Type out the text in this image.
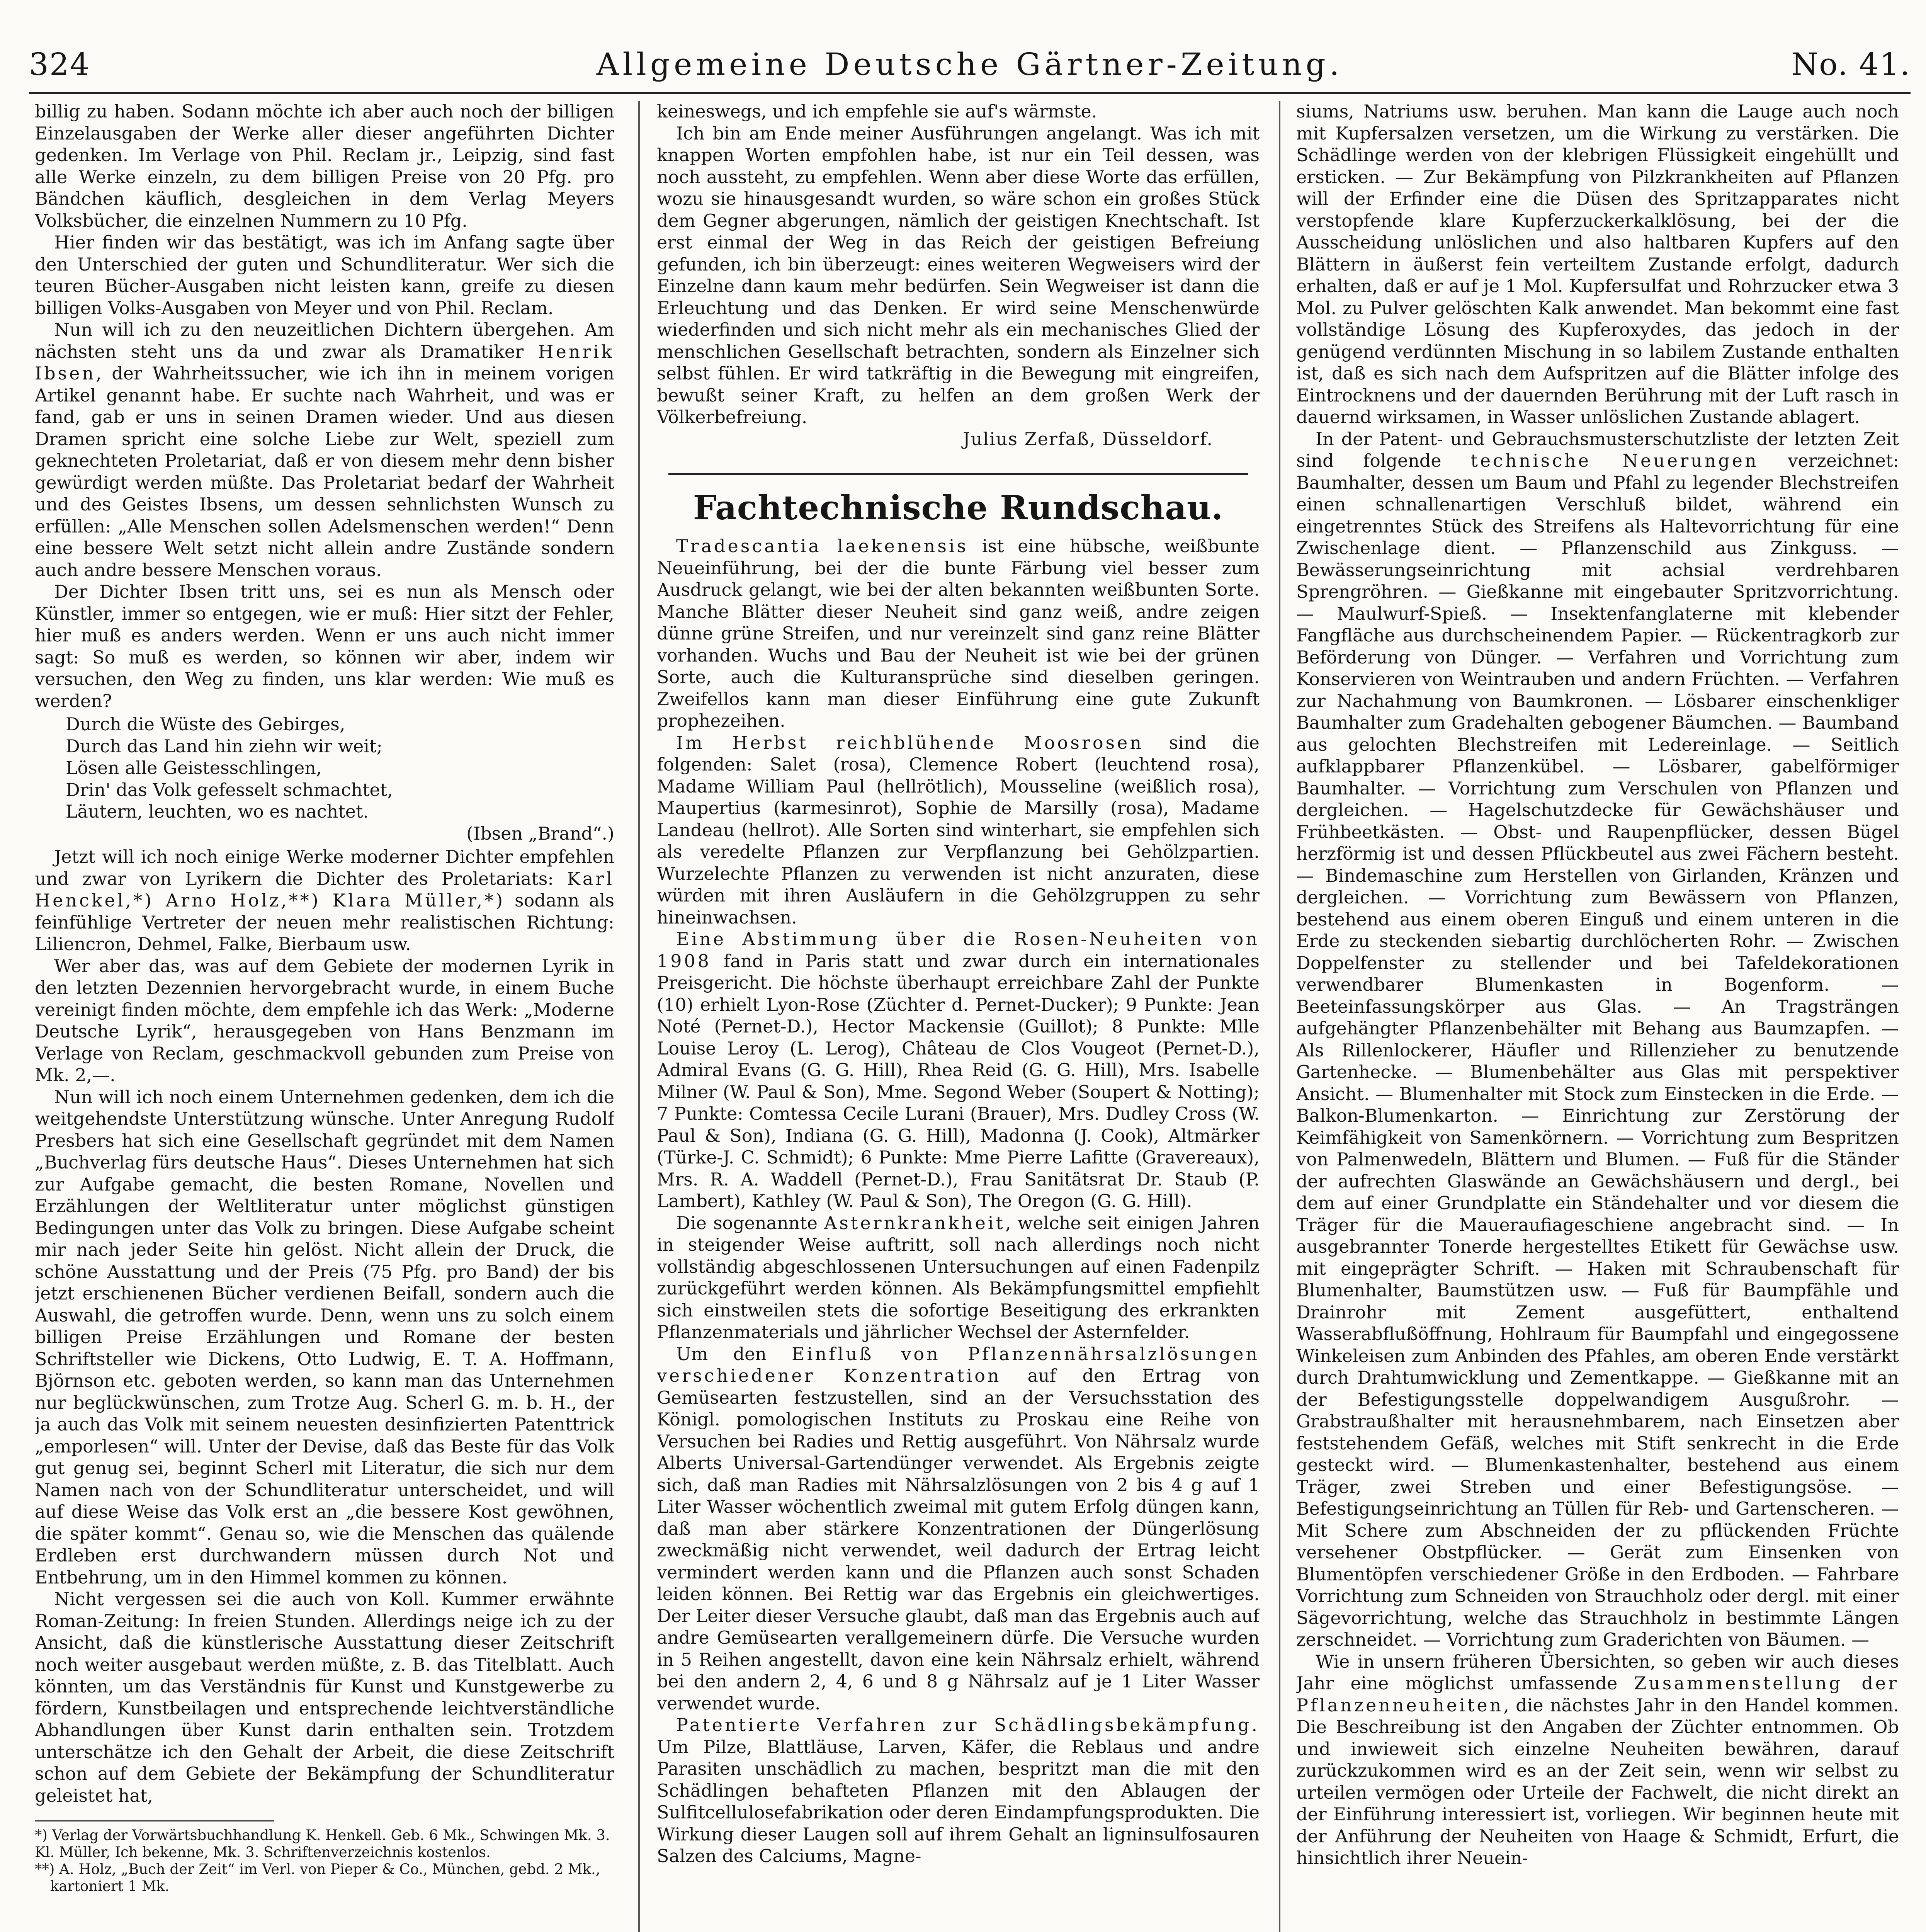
324	Allgemeine Deutsche Gärtner-Zeitung.	No. 41.

billig zu haben. Sodann möchte ich aber auch noch der billigen Einzelausgaben der Werke aller dieser angeführten Dichter gedenken. Im Verlage von Phil. Reclam jr., Leipzig, sind fast alle Werke einzeln, zu dem billigen Preise von 20 Pfg. pro Bändchen käuflich, desgleichen in dem Verlag Meyers Volksbücher, die einzelnen Nummern zu 10 Pfg.

Hier finden wir das bestätigt, was ich im Anfang sagte über den Unterschied der guten und Schundliteratur. Wer sich die teuren Bücher-Ausgaben nicht leisten kann, greife zu diesen billigen Volks-Ausgaben von Meyer und von Phil. Reclam.

Nun will ich zu den neuzeitlichen Dichtern übergehen. Am nächsten steht uns da und zwar als Dramatiker Henrik Ibsen, der Wahrheitssucher, wie ich ihn in meinem vorigen Artikel genannt habe. Er suchte nach Wahrheit, und was er fand, gab er uns in seinen Dramen wieder. Und aus diesen Dramen spricht eine solche Liebe zur Welt, speziell zum geknechteten Proletariat, daß er von diesem mehr denn bisher gewürdigt werden müßte. Das Proletariat bedarf der Wahrheit und des Geistes Ibsens, um dessen sehnlichsten Wunsch zu erfüllen: „Alle Menschen sollen Adelsmenschen werden!“ Denn eine bessere Welt setzt nicht allein andre Zustände sondern auch andre bessere Menschen voraus.

Der Dichter Ibsen tritt uns, sei es nun als Mensch oder Künstler, immer so entgegen, wie er muß: Hier sitzt der Fehler, hier muß es anders werden. Wenn er uns auch nicht immer sagt: So muß es werden, so können wir aber, indem wir versuchen, den Weg zu finden, uns klar werden: Wie muß es werden?

Durch die Wüste des Gebirges,
Durch das Land hin ziehn wir weit;
Lösen alle Geistesschlingen,
Drin' das Volk gefesselt schmachtet,
Läutern, leuchten, wo es nachtet.
(Ibsen „Brand“.)

Jetzt will ich noch einige Werke moderner Dichter empfehlen und zwar von Lyrikern die Dichter des Proletariats: Karl Henckel,*) Arno Holz,**) Klara Müller,*) sodann als feinfühlige Vertreter der neuen mehr realistischen Richtung: Liliencron, Dehmel, Falke, Bierbaum usw.

Wer aber das, was auf dem Gebiete der modernen Lyrik in den letzten Dezennien hervorgebracht wurde, in einem Buche vereinigt finden möchte, dem empfehle ich das Werk: „Moderne Deutsche Lyrik“, herausgegeben von Hans Benzmann im Verlage von Reclam, geschmackvoll gebunden zum Preise von Mk. 2,—.

Nun will ich noch einem Unternehmen gedenken, dem ich die weitgehendste Unterstützung wünsche. Unter Anregung Rudolf Presbers hat sich eine Gesellschaft gegründet mit dem Namen „Buchverlag fürs deutsche Haus“. Dieses Unternehmen hat sich zur Aufgabe gemacht, die besten Romane, Novellen und Erzählungen der Weltliteratur unter möglichst günstigen Bedingungen unter das Volk zu bringen. Diese Aufgabe scheint mir nach jeder Seite hin gelöst. Nicht allein der Druck, die schöne Ausstattung und der Preis (75 Pfg. pro Band) der bis jetzt erschienenen Bücher verdienen Beifall, sondern auch die Auswahl, die getroffen wurde. Denn, wenn uns zu solch einem billigen Preise Erzählungen und Romane der besten Schriftsteller wie Dickens, Otto Ludwig, E. T. A. Hoffmann, Björnson etc. geboten werden, so kann man das Unternehmen nur beglückwünschen, zum Trotze Aug. Scherl G. m. b. H., der ja auch das Volk mit seinem neuesten desinfizierten Patenttrick „emporlesen“ will. Unter der Devise, daß das Beste für das Volk gut genug sei, beginnt Scherl mit Literatur, die sich nur dem Namen nach von der Schundliteratur unterscheidet, und will auf diese Weise das Volk erst an „die bessere Kost gewöhnen, die später kommt“. Genau so, wie die Menschen das quälende Erdleben erst durchwandern müssen durch Not und Entbehrung, um in den Himmel kommen zu können.

Nicht vergessen sei die auch von Koll. Kummer erwähnte Roman-Zeitung: In freien Stunden. Allerdings neige ich zu der Ansicht, daß die künstlerische Ausstattung dieser Zeitschrift noch weiter ausgebaut werden müßte, z. B. das Titelblatt. Auch könnten, um das Verständnis für Kunst und Kunstgewerbe zu fördern, Kunstbeilagen und entsprechende leichtverständliche Abhandlungen über Kunst darin enthalten sein. Trotzdem unterschätze ich den Gehalt der Arbeit, die diese Zeitschrift schon auf dem Gebiete der Bekämpfung der Schundliteratur geleistet hat,

*) Verlag der Vorwärtsbuchhandlung K. Henkell. Geb. 6 Mk., Schwingen Mk. 3.
Kl. Müller, Ich bekenne, Mk. 3. Schriftenverzeichnis kostenlos.
**) A. Holz, „Buch der Zeit“ im Verl. von Pieper & Co., München, gebd. 2 Mk., kartoniert 1 Mk.

keineswegs, und ich empfehle sie auf's wärmste.

Ich bin am Ende meiner Ausführungen angelangt. Was ich mit knappen Worten empfohlen habe, ist nur ein Teil dessen, was noch aussteht, zu empfehlen. Wenn aber diese Worte das erfüllen, wozu sie hinausgesandt wurden, so wäre schon ein großes Stück dem Gegner abgerungen, nämlich der geistigen Knechtschaft. Ist erst einmal der Weg in das Reich der geistigen Befreiung gefunden, ich bin überzeugt: eines weiteren Wegweisers wird der Einzelne dann kaum mehr bedürfen. Sein Wegweiser ist dann die Erleuchtung und das Denken. Er wird seine Menschenwürde wiederfinden und sich nicht mehr als ein mechanisches Glied der menschlichen Gesellschaft betrachten, sondern als Einzelner sich selbst fühlen. Er wird tatkräftig in die Bewegung mit eingreifen, bewußt seiner Kraft, zu helfen an dem großen Werk der Völkerbefreiung.

Julius Zerfaß, Düsseldorf.
Fachtechnische Rundschau.

Tradescantia laekenensis ist eine hübsche, weißbunte Neueinführung, bei der die bunte Färbung viel besser zum Ausdruck gelangt, wie bei der alten bekannten weißbunten Sorte. Manche Blätter dieser Neuheit sind ganz weiß, andre zeigen dünne grüne Streifen, und nur vereinzelt sind ganz reine Blätter vorhanden. Wuchs und Bau der Neuheit ist wie bei der grünen Sorte, auch die Kulturansprüche sind dieselben geringen. Zweifellos kann man dieser Einführung eine gute Zukunft prophezeihen.

Im Herbst reichblühende Moosrosen sind die folgenden: Salet (rosa), Clemence Robert (leuchtend rosa), Madame William Paul (hellrötlich), Mousseline (weißlich rosa), Maupertius (karmesinrot), Sophie de Marsilly (rosa), Madame Landeau (hellrot). Alle Sorten sind winterhart, sie empfehlen sich als veredelte Pflanzen zur Verpflanzung bei Gehölzpartien. Wurzelechte Pflanzen zu verwenden ist nicht anzuraten, diese würden mit ihren Ausläufern in die Gehölzgruppen zu sehr hineinwachsen.

Eine Abstimmung über die Rosen-Neuheiten von 1908 fand in Paris statt und zwar durch ein internationales Preisgericht. Die höchste überhaupt erreichbare Zahl der Punkte (10) erhielt Lyon-Rose (Züchter d. Pernet-Ducker); 9 Punkte: Jean Noté (Pernet-D.), Hector Mackensie (Guillot); 8 Punkte: Mlle Louise Leroy (L. Lerog), Château de Clos Vougeot (Pernet-D.), Admiral Evans (G. G. Hill), Rhea Reid (G. G. Hill), Mrs. Isabelle Milner (W. Paul & Son), Mme. Segond Weber (Soupert & Notting); 7 Punkte: Comtessa Cecile Lurani (Brauer), Mrs. Dudley Cross (W. Paul & Son), Indiana (G. G. Hill), Madonna (J. Cook), Altmärker (Türke-J. C. Schmidt); 6 Punkte: Mme Pierre Lafitte (Gravereaux), Mrs. R. A. Waddell (Pernet-D.), Frau Sanitätsrat Dr. Staub (P. Lambert), Kathley (W. Paul & Son), The Oregon (G. G. Hill).

Die sogenannte Asternkrankheit, welche seit einigen Jahren in steigender Weise auftritt, soll nach allerdings noch nicht vollständig abgeschlossenen Untersuchungen auf einen Fadenpilz zurückgeführt werden können. Als Bekämpfungsmittel empfiehlt sich einstweilen stets die sofortige Beseitigung des erkrankten Pflanzenmaterials und jährlicher Wechsel der Asternfelder.

Um den Einfluß von Pflanzennährsalzlösungen verschiedener Konzentration auf den Ertrag von Gemüsearten festzustellen, sind an der Versuchsstation des Königl. pomologischen Instituts zu Proskau eine Reihe von Versuchen bei Radies und Rettig ausgeführt. Von Nährsalz wurde Alberts Universal-Gartendünger verwendet. Als Ergebnis zeigte sich, daß man Radies mit Nährsalzlösungen von 2 bis 4 g auf 1 Liter Wasser wöchentlich zweimal mit gutem Erfolg düngen kann, daß man aber stärkere Konzentrationen der Düngerlösung zweckmäßig nicht verwendet, weil dadurch der Ertrag leicht vermindert werden kann und die Pflanzen auch sonst Schaden leiden können. Bei Rettig war das Ergebnis ein gleichwertiges. Der Leiter dieser Versuche glaubt, daß man das Ergebnis auch auf andre Gemüsearten verallgemeinern dürfe. Die Versuche wurden in 5 Reihen angestellt, davon eine kein Nährsalz erhielt, während bei den andern 2, 4, 6 und 8 g Nährsalz auf je 1 Liter Wasser verwendet wurde.

Patentierte Verfahren zur Schädlingsbekämpfung. Um Pilze, Blattläuse, Larven, Käfer, die Reblaus und andre Parasiten unschädlich zu machen, bespritzt man die mit den Schädlingen behafteten Pflanzen mit den Ablaugen der Sulfitcellulosefabrikation oder deren Eindampfungsprodukten. Die Wirkung dieser Laugen soll auf ihrem Gehalt an ligninsulfosauren Salzen des Calciums, Magne-

siums, Natriums usw. beruhen. Man kann die Lauge auch noch mit Kupfersalzen versetzen, um die Wirkung zu verstärken. Die Schädlinge werden von der klebrigen Flüssigkeit eingehüllt und ersticken. — Zur Bekämpfung von Pilzkrankheiten auf Pflanzen will der Erfinder eine die Düsen des Spritzapparates nicht verstopfende klare Kupferzuckerkalklösung, bei der die Ausscheidung unlöslichen und also haltbaren Kupfers auf den Blättern in äußerst fein verteiltem Zustande erfolgt, dadurch erhalten, daß er auf je 1 Mol. Kupfersulfat und Rohrzucker etwa 3 Mol. zu Pulver gelöschten Kalk anwendet. Man bekommt eine fast vollständige Lösung des Kupferoxydes, das jedoch in der genügend verdünnten Mischung in so labilem Zustande enthalten ist, daß es sich nach dem Aufspritzen auf die Blätter infolge des Eintrocknens und der dauernden Berührung mit der Luft rasch in dauernd wirksamen, in Wasser unlöslichen Zustande ablagert.

In der Patent- und Gebrauchsmusterschutzliste der letzten Zeit sind folgende technische Neuerungen verzeichnet: Baumhalter, dessen um Baum und Pfahl zu legender Blechstreifen einen schnallenartigen Verschluß bildet, während ein eingetrenntes Stück des Streifens als Haltevorrichtung für eine Zwischenlage dient. — Pflanzenschild aus Zinkguss. — Bewässerungseinrichtung mit achsial verdrehbaren Sprengröhren. — Gießkanne mit eingebauter Spritzvorrichtung. — Maulwurf-Spieß. — Insektenfanglaterne mit klebender Fangfläche aus durchscheinendem Papier. — Rückentragkorb zur Beförderung von Dünger. — Verfahren und Vorrichtung zum Konservieren von Weintrauben und andern Früchten. — Verfahren zur Nachahmung von Baumkronen. — Lösbarer einschenkliger Baumhalter zum Gradehalten gebogener Bäumchen. — Baumband aus gelochten Blechstreifen mit Ledereinlage. — Seitlich aufklappbarer Pflanzenkübel. — Lösbarer, gabelförmiger Baumhalter. — Vorrichtung zum Verschulen von Pflanzen und dergleichen. — Hagelschutzdecke für Gewächshäuser und Frühbeetkästen. — Obst- und Raupenpflücker, dessen Bügel herzförmig ist und dessen Pflückbeutel aus zwei Fächern besteht. — Bindemaschine zum Herstellen von Girlanden, Kränzen und dergleichen. — Vorrichtung zum Bewässern von Pflanzen, bestehend aus einem oberen Einguß und einem unteren in die Erde zu steckenden siebartig durchlöcherten Rohr. — Zwischen Doppelfenster zu stellender und bei Tafeldekorationen verwendbarer Blumenkasten in Bogenform. — Beeteinfassungskörper aus Glas. — An Tragsträngen aufgehängter Pflanzenbehälter mit Behang aus Baumzapfen. — Als Rillenlockerer, Häufler und Rillenzieher zu benutzende Gartenhecke. — Blumenbehälter aus Glas mit perspektiver Ansicht. — Blumenhalter mit Stock zum Einstecken in die Erde. — Balkon-Blumenkarton. — Einrichtung zur Zerstörung der Keimfähigkeit von Samenkörnern. — Vorrichtung zum Bespritzen von Palmenwedeln, Blättern und Blumen. — Fuß für die Ständer der aufrechten Glaswände an Gewächshäusern und dergl., bei dem auf einer Grundplatte ein Ständehalter und vor diesem die Träger für die Maueraufiageschiene angebracht sind. — In ausgebrannter Tonerde hergestelltes Etikett für Gewächse usw. mit eingeprägter Schrift. — Haken mit Schraubenschaft für Blumenhalter, Baumstützen usw. — Fuß für Baumpfähle und Drainrohr mit Zement ausgefüttert, enthaltend Wasserabflußöffnung, Hohlraum für Baumpfahl und eingegossene Winkeleisen zum Anbinden des Pfahles, am oberen Ende verstärkt durch Drahtumwicklung und Zementkappe. — Gießkanne mit an der Befestigungsstelle doppelwandigem Ausgußrohr. — Grabstraußhalter mit herausnehmbarem, nach Einsetzen aber feststehendem Gefäß, welches mit Stift senkrecht in die Erde gesteckt wird. — Blumenkastenhalter, bestehend aus einem Träger, zwei Streben und einer Befestigungsöse. — Befestigungseinrichtung an Tüllen für Reb- und Gartenscheren. — Mit Schere zum Abschneiden der zu pflückenden Früchte versehener Obstpflücker. — Gerät zum Einsenken von Blumentöpfen verschiedener Größe in den Erdboden. — Fahrbare Vorrichtung zum Schneiden von Strauchholz oder dergl. mit einer Sägevorrichtung, welche das Strauchholz in bestimmte Längen zerschneidet. — Vorrichtung zum Graderichten von Bäumen. —

Wie in unsern früheren Übersichten, so geben wir auch dieses Jahr eine möglichst umfassende Zusammenstellung der Pflanzenneuheiten, die nächstes Jahr in den Handel kommen. Die Beschreibung ist den Angaben der Züchter entnommen. Ob und inwieweit sich einzelne Neuheiten bewähren, darauf zurückzukommen wird es an der Zeit sein, wenn wir selbst zu urteilen vermögen oder Urteile der Fachwelt, die nicht direkt an der Einführung interessiert ist, vorliegen. Wir beginnen heute mit der Anführung der Neuheiten von Haage & Schmidt, Erfurt, die hinsichtlich ihrer Neuein-
